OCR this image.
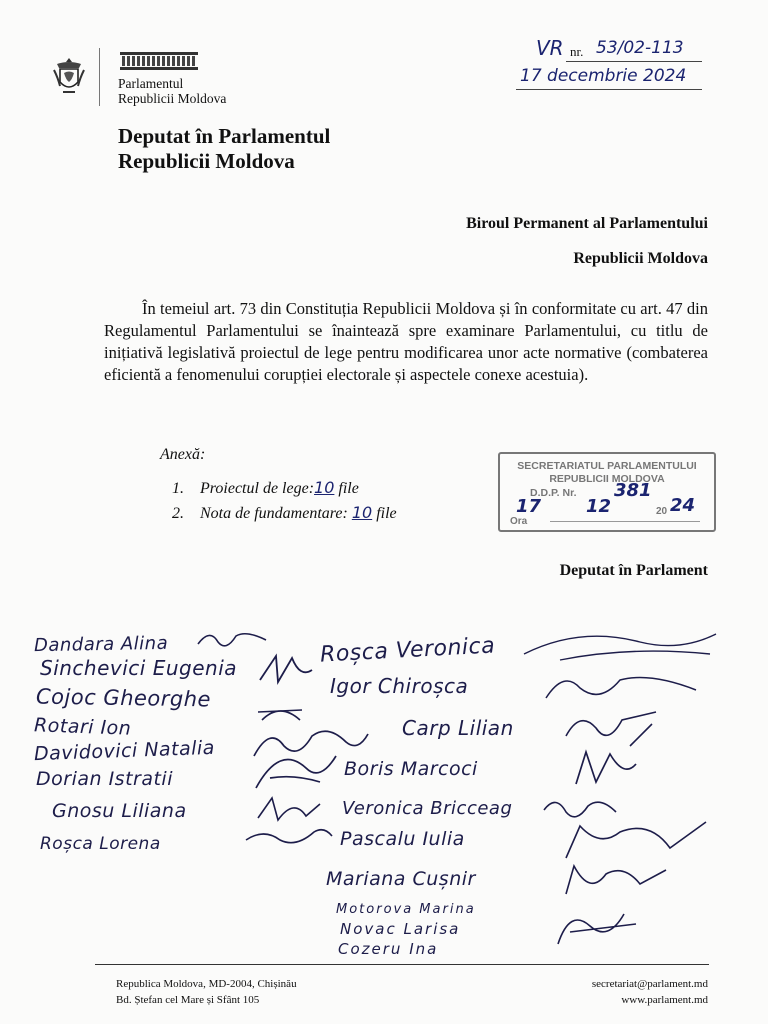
Parlamentul
Republicii Moldova
VR nr. 53/02-113
17 decembrie 2024
Deputat în Parlamentul
Republicii Moldova
Biroul Permanent al Parlamentului
Republicii Moldova

În temeiul art. 73 din Constituția Republicii Moldova și în conformitate cu art. 47 din Regulamentul Parlamentului se înaintează spre examinare Parlamentului, cu titlu de inițiativă legislativă proiectul de lege pentru modificarea unor acte normative (combaterea eficientă a fenomenului corupției electorale și aspectele conexe acestuia).

Anexă:
1. Proiectul de lege:10 file
2. Nota de fundamentare: 10 file
SECRETARIATUL PARLAMENTULUI
REPUBLICII MOLDOVA
D.D.P. Nr. 381
17 12	20 24
Ora
Deputat în Parlament
Dandara Alina
Sinchevici Eugenia
Cojoc Gheorghe
Rotari Ion
Davidovici Natalia
Dorian Istratii
Gnosu Liliana
Roșca Lorena
Roșca Veronica
Igor Chiroșca
Carp Lilian
Boris Marcoci
Veronica Bricceag
Pascalu Iulia
Mariana Cușnir
Motorova Marina
Novac Larisa
Cozeru Ina
Republica Moldova, MD-2004, Chișinău
Bd. Ștefan cel Mare și Sfânt 105
secretariat@parlament.md
www.parlament.md
